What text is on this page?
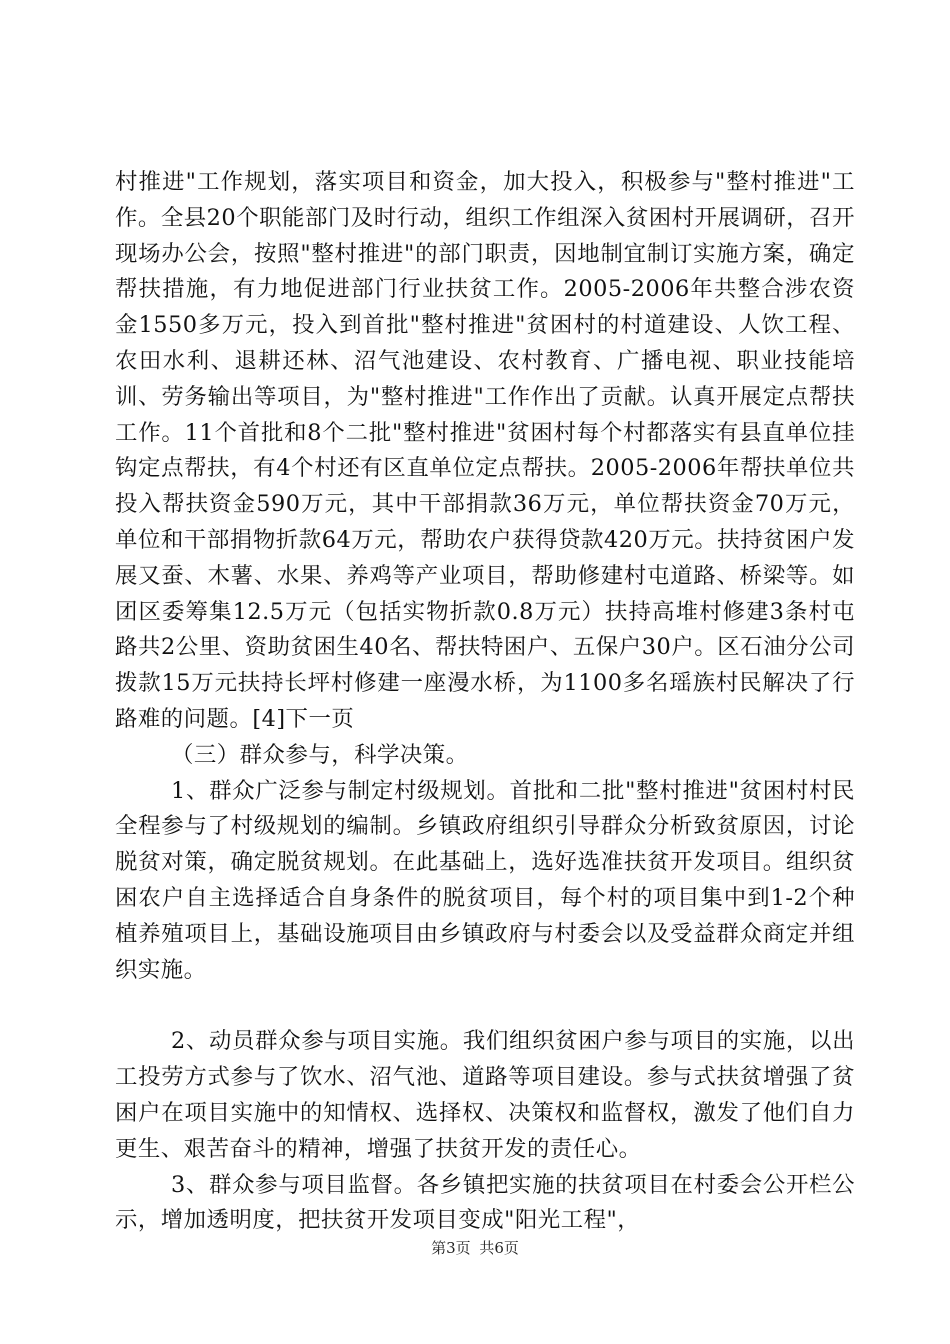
村推进"工作规划，落实项目和资金，加大投入，积极参与"整村推进"工作。全县20个职能部门及时行动，组织工作组深入贫困村开展调研，召开现场办公会，按照"整村推进"的部门职责，因地制宜制订实施方案，确定帮扶措施，有力地促进部门行业扶贫工作。2005-2006年共整合涉农资金1550多万元，投入到首批"整村推进"贫困村的村道建设、人饮工程、农田水利、退耕还林、沼气池建设、农村教育、广播电视、职业技能培训、劳务输出等项目，为"整村推进"工作作出了贡献。认真开展定点帮扶工作。11个首批和8个二批"整村推进"贫困村每个村都落实有县直单位挂钩定点帮扶，有4个村还有区直单位定点帮扶。2005-2006年帮扶单位共投入帮扶资金590万元，其中干部捐款36万元，单位帮扶资金70万元，单位和干部捐物折款64万元，帮助农户获得贷款420万元。扶持贫困户发展又蚕、木薯、水果、养鸡等产业项目，帮助修建村屯道路、桥梁等。如团区委筹集12.5万元（包括实物折款0.8万元）扶持高堆村修建3条村屯路共2公里、资助贫困生40名、帮扶特困户、五保户30户。区石油分公司拨款15万元扶持长坪村修建一座漫水桥，为1100多名瑶族村民解决了行路难的问题。[4]下一页

（三）群众参与，科学决策。

1、群众广泛参与制定村级规划。首批和二批"整村推进"贫困村村民全程参与了村级规划的编制。乡镇政府组织引导群众分析致贫原因，讨论脱贫对策，确定脱贫规划。在此基础上，选好选准扶贫开发项目。组织贫困农户自主选择适合自身条件的脱贫项目，每个村的项目集中到1-2个种植养殖项目上，基础设施项目由乡镇政府与村委会以及受益群众商定并组织实施。

2、动员群众参与项目实施。我们组织贫困户参与项目的实施，以出工投劳方式参与了饮水、沼气池、道路等项目建设。参与式扶贫增强了贫困户在项目实施中的知情权、选择权、决策权和监督权，激发了他们自力更生、艰苦奋斗的精神，增强了扶贫开发的责任心。

3、群众参与项目监督。各乡镇把实施的扶贫项目在村委会公开栏公示，增加透明度，把扶贫开发项目变成"阳光工程"，

第3页 共6页
